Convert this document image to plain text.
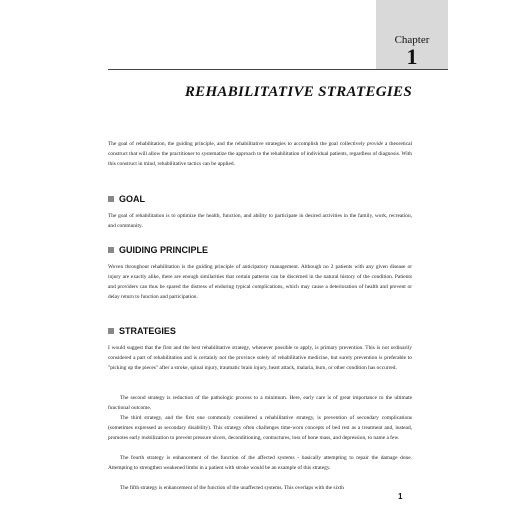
Chapter
1
REHABILITATIVE STRATEGIES

The goal of rehabilitation, the guiding principle, and the rehabilitative strategies to accomplish the goal collectively provide a theoretical construct that will allow the practitioner to systematize the approach to the rehabilitation of individual patients, regardless of diagnosis. With this construct in mind, rehabilitative tactics can be applied.

GOAL

The goal of rehabilitation is to optimize the health, function, and ability to participate in desired activities in the family, work, recreation, and community.

GUIDING PRINCIPLE

Woven throughout rehabilitation is the guiding principle of anticipatory management. Although no 2 patients with any given disease or injury are exactly alike, there are enough similarities that certain patterns can be discerned in the natural history of the condition. Patients and providers can thus be spared the distress of enduring typical complications, which may cause a deterioration of health and prevent or delay return to function and participation.

STRATEGIES

I would suggest that the first and the best rehabilitative strategy, whenever possible to apply, is primary prevention. This is not ordinarily considered a part of rehabilitation and is certainly not the province solely of rehabilitative medicine, but surely prevention is preferable to "picking up the pieces" after a stroke, spinal injury, traumatic brain injury, heart attack, malaria, burn, or other condition has occurred.

The second strategy is reduction of the pathologic process to a minimum. Here, early care is of great importance to the ultimate functional outcome.

The third strategy, and the first one commonly considered a rehabilitative strategy, is prevention of secondary complications (sometimes expressed as secondary disability). This strategy often challenges time-worn concepts of bed rest as a treatment and, instead, promotes early mobilization to prevent pressure ulcers, deconditioning, contractures, loss of bone mass, and depression, to name a few.

The fourth strategy is enhancement of the function of the affected systems - basically attempting to repair the damage done. Attempting to strengthen weakened limbs in a patient with stroke would be an example of this strategy.

The fifth strategy is enhancement of the function of the unaffected systems. This overlaps with the sixth

1
